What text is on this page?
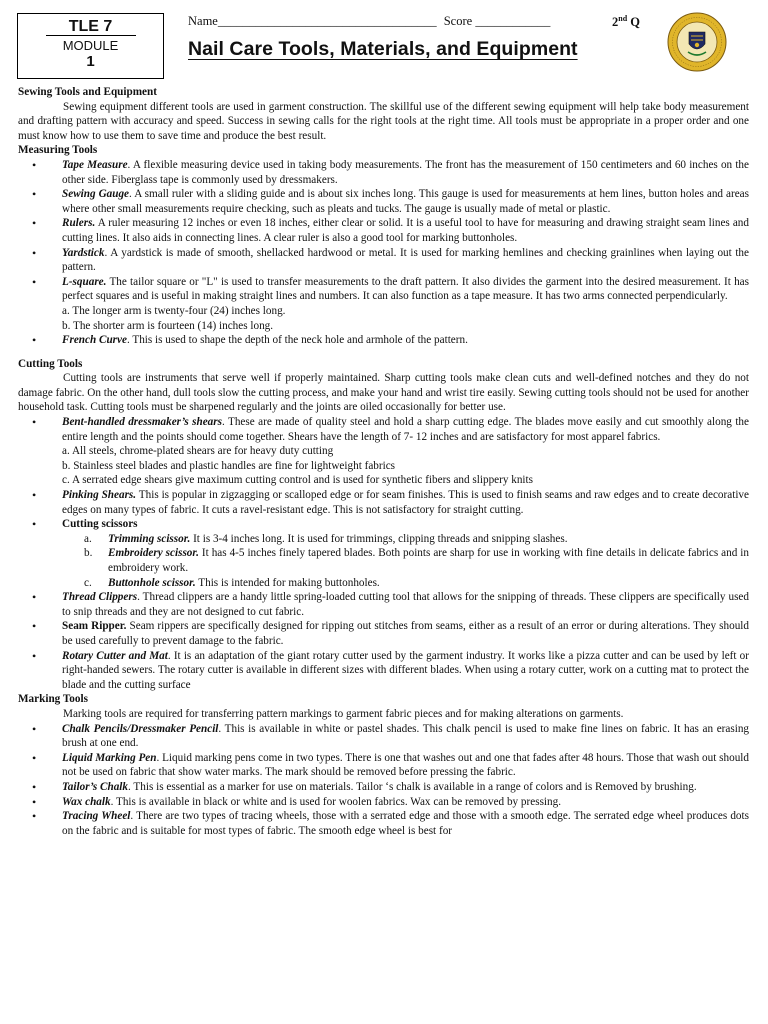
TLE 7
MODULE
1
Name___________________________________ Score ____________	2nd Q
Nail Care Tools, Materials, and Equipment

Sewing Tools and Equipment

Sewing equipment different tools are used in garment construction. The skillful use of the different sewing equipment will help take body measurement and drafting pattern with accuracy and speed. Success in sewing calls for the right tools at the right time. All tools must be appropriate in a proper order and one must know how to use them to save time and produce the best result.

Measuring Tools

• Tape Measure. A flexible measuring device used in taking body measurements. The front has the measurement of 150 centimeters and 60 inches on the other side. Fiberglass tape is commonly used by dressmakers.
• Sewing Gauge. A small ruler with a sliding guide and is about six inches long. This gauge is used for measurements at hem lines, button holes and areas where other small measurements require checking, such as pleats and tucks. The gauge is usually made of metal or plastic.
• Rulers. A ruler measuring 12 inches or even 18 inches, either clear or solid. It is a useful tool to have for measuring and drawing straight seam lines and cutting lines. It also aids in connecting lines. A clear ruler is also a good tool for marking buttonholes.
• Yardstick. A yardstick is made of smooth, shellacked hardwood or metal. It is used for marking hemlines and checking grainlines when laying out the pattern.
• L-square. The tailor square or "L" is used to transfer measurements to the draft pattern. It also divides the garment into the desired measurement. It has perfect squares and is useful in making straight lines and numbers. It can also function as a tape measure. It has two arms connected perpendicularly.
a. The longer arm is twenty-four (24) inches long.
b. The shorter arm is fourteen (14) inches long.
• French Curve. This is used to shape the depth of the neck hole and armhole of the pattern.

Cutting Tools

Cutting tools are instruments that serve well if properly maintained. Sharp cutting tools make clean cuts and well-defined notches and they do not damage fabric. On the other hand, dull tools slow the cutting process, and make your hand and wrist tire easily. Sewing cutting tools should not be used for another household task. Cutting tools must be sharpened regularly and the joints are oiled occasionally for better use.

• Bent-handled dressmaker’s shears. These are made of quality steel and hold a sharp cutting edge. The blades move easily and cut smoothly along the entire length and the points should come together. Shears have the length of 7- 12 inches and are satisfactory for most apparel fabrics.
a. All steels, chrome-plated shears are for heavy duty cutting
b. Stainless steel blades and plastic handles are fine for lightweight fabrics
c. A serrated edge shears give maximum cutting control and is used for synthetic fibers and slippery knits
• Pinking Shears. This is popular in zigzagging or scalloped edge or for seam finishes. This is used to finish seams and raw edges and to create decorative edges on many types of fabric. It cuts a ravel-resistant edge. This is not satisfactory for straight cutting.
• Cutting scissors
a. Trimming scissor. It is 3-4 inches long. It is used for trimmings, clipping threads and snipping slashes.
b. Embroidery scissor. It has 4-5 inches finely tapered blades. Both points are sharp for use in working with fine details in delicate fabrics and in embroidery work.
c. Buttonhole scissor. This is intended for making buttonholes.
• Thread Clippers. Thread clippers are a handy little spring-loaded cutting tool that allows for the snipping of threads. These clippers are specifically used to snip threads and they are not designed to cut fabric.
• Seam Ripper. Seam rippers are specifically designed for ripping out stitches from seams, either as a result of an error or during alterations. They should be used carefully to prevent damage to the fabric.
• Rotary Cutter and Mat. It is an adaptation of the giant rotary cutter used by the garment industry. It works like a pizza cutter and can be used by left or right-handed sewers. The rotary cutter is available in different sizes with different blades. When using a rotary cutter, work on a cutting mat to protect the blade and the cutting surface

Marking Tools

Marking tools are required for transferring pattern markings to garment fabric pieces and for making alterations on garments.

• Chalk Pencils/Dressmaker Pencil. This is available in white or pastel shades. This chalk pencil is used to make fine lines on fabric. It has an erasing brush at one end.
• Liquid Marking Pen. Liquid marking pens come in two types. There is one that washes out and one that fades after 48 hours. Those that wash out should not be used on fabric that show water marks. The mark should be removed before pressing the fabric.
• Tailor’s Chalk. This is essential as a marker for use on materials. Tailor ‘s chalk is available in a range of colors and is Removed by brushing.
• Wax chalk. This is available in black or white and is used for woolen fabrics. Wax can be removed by pressing.
• Tracing Wheel. There are two types of tracing wheels, those with a serrated edge and those with a smooth edge. The serrated edge wheel produces dots on the fabric and is suitable for most types of fabric. The smooth edge wheel is best for
